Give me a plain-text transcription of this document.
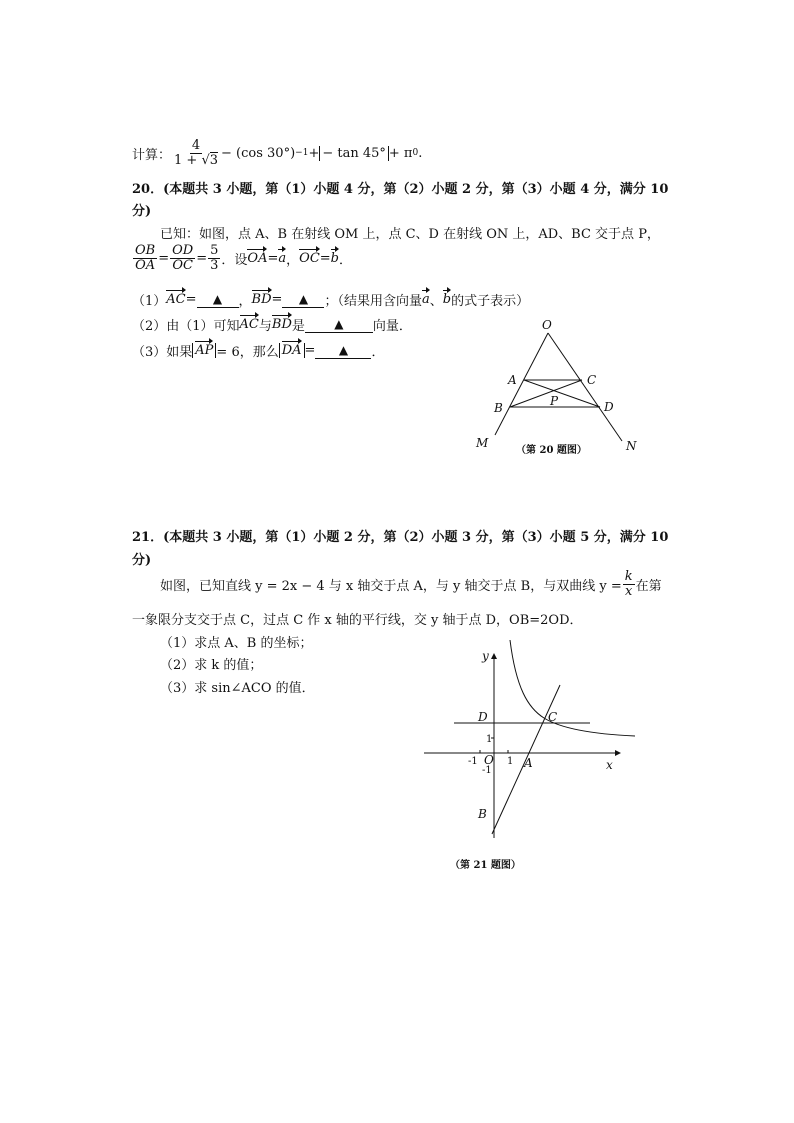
计算： $\frac{4}{1 + √3} - (\cos$ 30°) −1 + − tan 45° + π 0 .
20．(本题共 3 小题，第（1）小题 4 分，第（2）小题 2 分，第（3）小题 4 分，满分 10
分)
已知：如图，点 A、B 在射线 OM 上，点 C、D 在射线 ON 上，AD、BC 交于点 P，
$\frac{OB}{OA} = \frac{OD}{OC} = \frac{5}{3}$ ．设 OA = a ， OC = b ．
（1） AC =	▲	， BD =	▲	；（结果用含向量 a 、 b 的式子表示）
（2）由（1）可知 AC 与 BD 是	▲	向量．
（3）如果 AP = 6，那么 DA =	▲	．
O
A	C
P
B	D
M	N
（第 20 题图）
21．(本题共 3 小题，第（1）小题 2 分，第（2）小题 3 分，第（3）小题 5 分，满分 10
分)
如图，已知直线 y = 2x − 4 与 x 轴交于点 A，与 y 轴交于点 B，与双曲线 $y = \frac{k}{x}$ 在第
一象限分支交于点 C，过点 C 作 x 轴的平行线，交 y 轴于点 D，OB=2OD．
（1）求点 A、B 的坐标；
（2）求 k 的值；
（3）求 sin∠ACO 的值．
y
x
D	C
O	A
B
1
-1	1
-1
（第 21 题图）
